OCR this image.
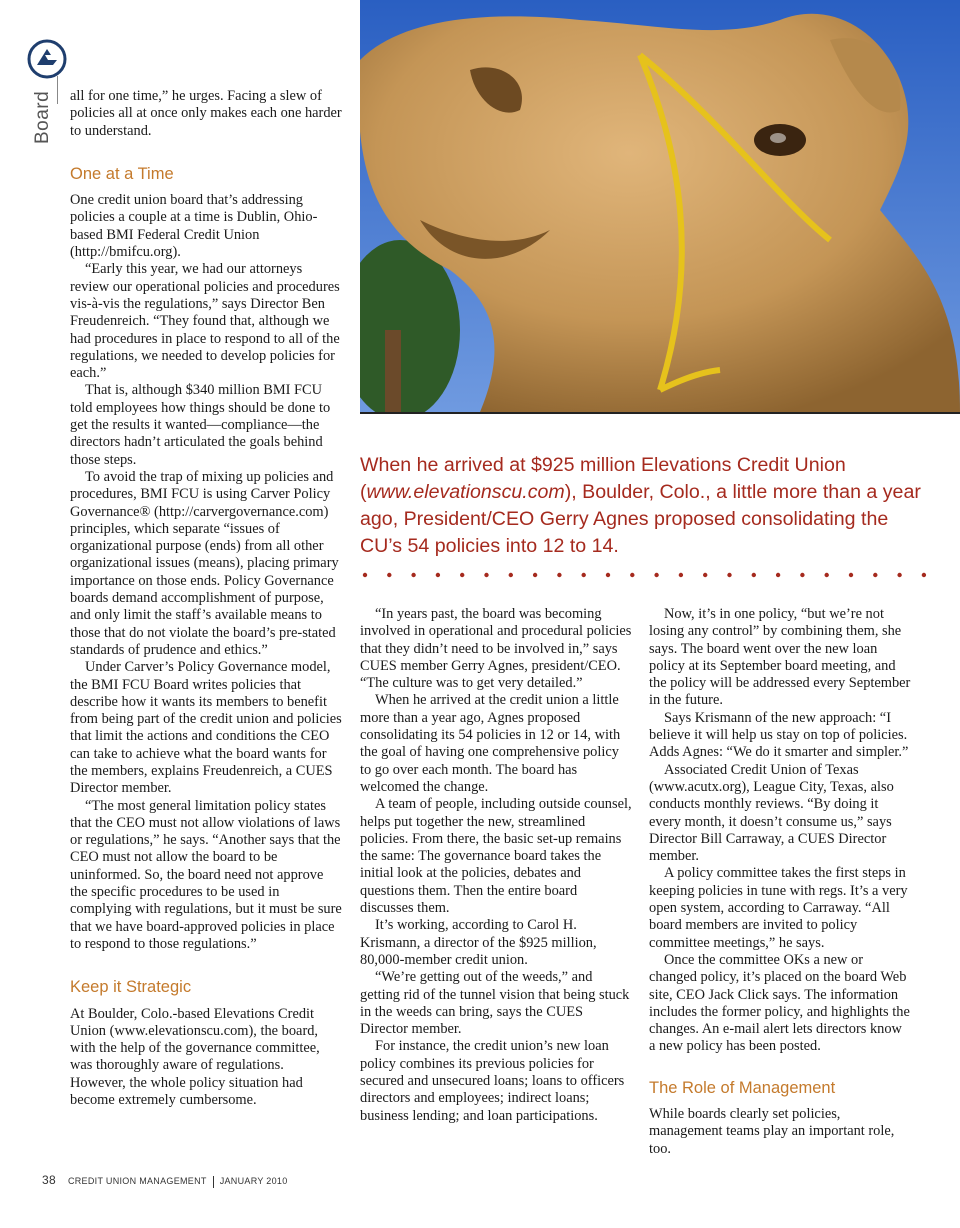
Board all for one time,” he urges. Facing a slew of policies all at once only makes each one harder to understand.

One at a Time

One credit union board that’s addressing policies a couple at a time is Dublin, Ohio-based BMI Federal Credit Union (http://bmifcu.org).

“Early this year, we had our attorneys review our operational policies and procedures vis-à-vis the regulations,” says Director Ben Freudenreich. “They found that, although we had procedures in place to respond to all of the regulations, we needed to develop policies for each.”

That is, although $340 million BMI FCU told employees how things should be done to get the results it wanted—compliance—the directors hadn’t articulated the goals behind those steps.

To avoid the trap of mixing up policies and procedures, BMI FCU is using Carver Policy Governance® (http://carvergovernance.com) principles, which separate “issues of organizational purpose (ends) from all other organizational issues (means), placing primary importance on those ends. Policy Governance boards demand accomplishment of purpose, and only limit the staff’s available means to those that do not violate the board’s pre-stated standards of prudence and ethics.”

Under Carver’s Policy Governance model, the BMI FCU Board writes policies that describe how it wants its members to benefit from being part of the credit union and policies that limit the actions and conditions the CEO can take to achieve what the board wants for the members, explains Freudenreich, a CUES Director member.

“The most general limitation policy states that the CEO must not allow violations of laws or regulations,” he says. “Another says that the CEO must not allow the board to be uninformed. So, the board need not approve the specific procedures to be used in complying with regulations, but it must be sure that we have board-approved policies in place to respond to those regulations.”

Keep it Strategic

At Boulder, Colo.-based Elevations Credit Union (www.elevationscu.com), the board, with the help of the governance committee, was thoroughly aware of regulations. However, the whole policy situation had become extremely cumbersome.

When he arrived at $925 million Elevations Credit Union (www.elevationscu.com), Boulder, Colo., a little more than a year ago, President/CEO Gerry Agnes proposed consolidating the CU’s 54 policies into 12 to 14.

“In years past, the board was becoming involved in operational and procedural policies that they didn’t need to be involved in,” says CUES member Gerry Agnes, president/CEO. “The culture was to get very detailed.”

When he arrived at the credit union a little more than a year ago, Agnes proposed consolidating its 54 policies in 12 or 14, with the goal of having one comprehensive policy to go over each month. The board has welcomed the change.

A team of people, including outside counsel, helps put together the new, streamlined policies. From there, the basic set-up remains the same: The governance board takes the initial look at the policies, debates and questions them. Then the entire board discusses them.

It’s working, according to Carol H. Krismann, a director of the $925 million, 80,000-member credit union.

“We’re getting out of the weeds,” and getting rid of the tunnel vision that being stuck in the weeds can bring, says the CUES Director member.

For instance, the credit union’s new loan policy combines its previous policies for secured and unsecured loans; loans to officers directors and employees; indirect loans; business lending; and loan participations.

Now, it’s in one policy, “but we’re not losing any control” by combining them, she says. The board went over the new loan policy at its September board meeting, and the policy will be addressed every September in the future.

Says Krismann of the new approach: “I believe it will help us stay on top of policies. Adds Agnes: “We do it smarter and simpler.”

Associated Credit Union of Texas (www.acutx.org), League City, Texas, also conducts monthly reviews. “By doing it every month, it doesn’t consume us,” says Director Bill Carraway, a CUES Director member.

A policy committee takes the first steps in keeping policies in tune with regs. It’s a very open system, according to Carraway. “All board members are invited to policy committee meetings,” he says.

Once the committee OKs a new or changed policy, it’s placed on the board Web site, CEO Jack Click says. The information includes the former policy, and highlights the changes. An e-mail alert lets directors know a new policy has been posted.

The Role of Management

While boards clearly set policies, management teams play an important role, too.

38 CREDIT UNION MANAGEMENT JANUARY 2010
